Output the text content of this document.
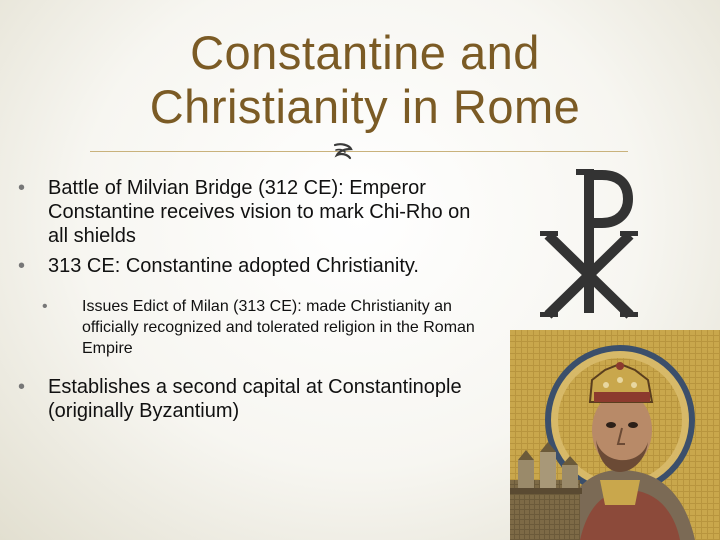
Constantine and
Christianity in Rome
• Battle of Milvian Bridge (312 CE): Emperor Constantine receives vision to mark Chi-Rho on all shields
• 313 CE: Constantine adopted Christianity.
• Issues Edict of Milan (313 CE): made Christianity an officially recognized and tolerated religion in the Roman Empire
• Establishes a second capital at Constantinople (originally Byzantium)
